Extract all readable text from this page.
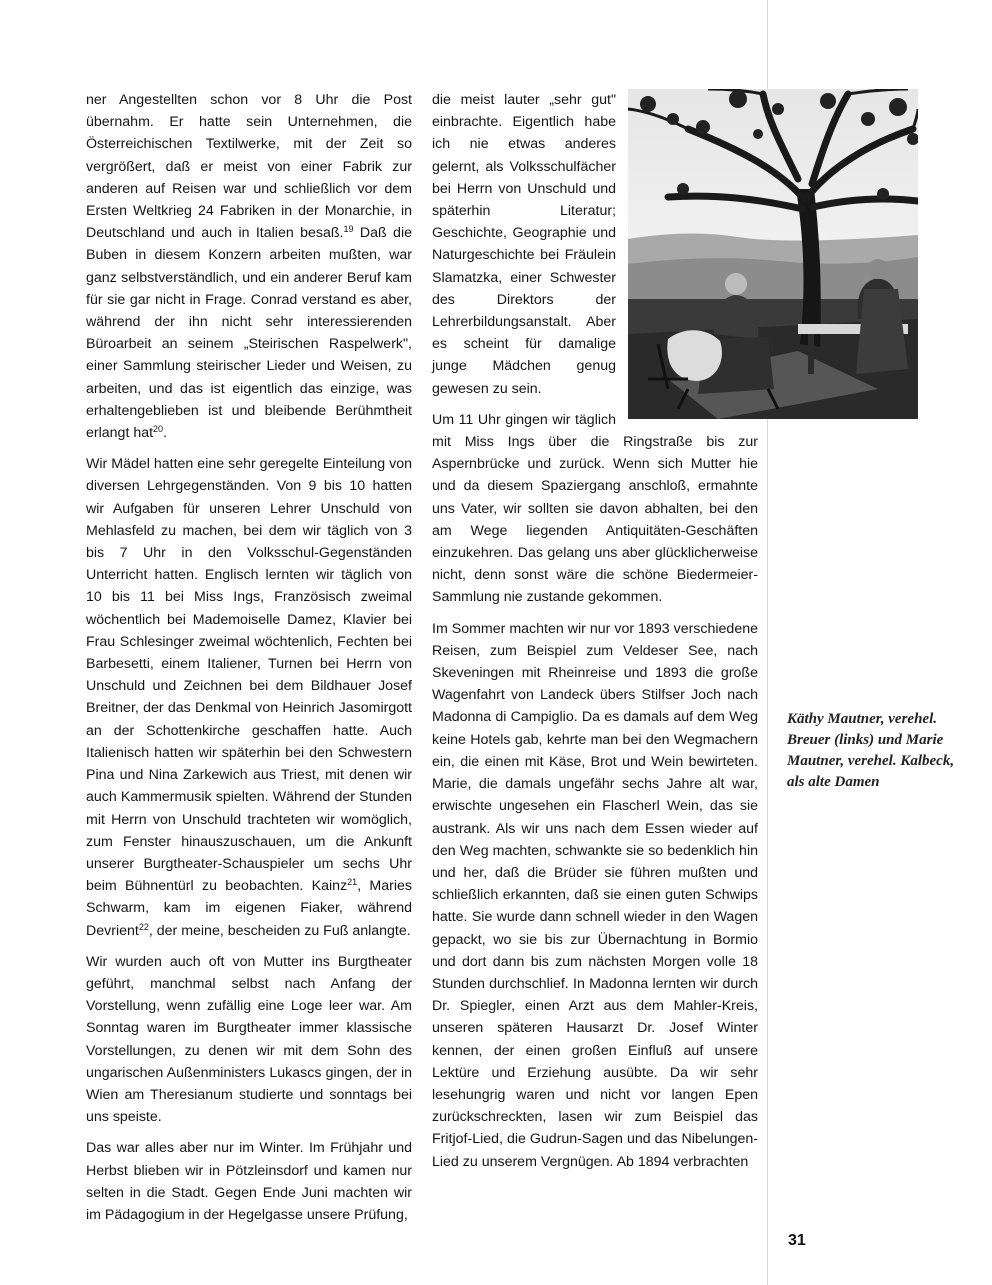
ner Angestellten schon vor 8 Uhr die Post übernahm. Er hatte sein Unternehmen, die Österreichischen Textilwerke, mit der Zeit so vergrößert, daß er meist von einer Fabrik zur anderen auf Reisen war und schließlich vor dem Ersten Weltkrieg 24 Fabriken in der Monarchie, in Deutschland und auch in Italien besaß.$^{19}$ Daß die Buben in diesem Konzern arbeiten mußten, war ganz selbstverständlich, und ein anderer Beruf kam für sie gar nicht in Frage. Conrad verstand es aber, während der ihn nicht sehr interessierenden Büroarbeit an seinem „Steirischen Raspelwerk", einer Sammlung steirischer Lieder und Weisen, zu arbeiten, und das ist eigentlich das einzige, was erhaltengeblieben ist und bleibende Berühmtheit erlangt hat$^{20}$.

Wir Mädel hatten eine sehr geregelte Einteilung von diversen Lehrgegenständen. Von 9 bis 10 hatten wir Aufgaben für unseren Lehrer Unschuld von Mehlasfeld zu machen, bei dem wir täglich von 3 bis 7 Uhr in den Volksschul-Gegenständen Unterricht hatten. Englisch lernten wir täglich von 10 bis 11 bei Miss Ings, Französisch zweimal wöchentlich bei Mademoiselle Damez, Klavier bei Frau Schlesinger zweimal wöchtenlich, Fechten bei Barbesetti, einem Italiener, Turnen bei Herrn von Unschuld und Zeichnen bei dem Bildhauer Josef Breitner, der das Denkmal von Heinrich Jasomirgott an der Schottenkirche geschaffen hatte. Auch Italienisch hatten wir späterhin bei den Schwestern Pina und Nina Zarkewich aus Triest, mit denen wir auch Kammermusik spielten. Während der Stunden mit Herrn von Unschuld trachteten wir womöglich, zum Fenster hinauszuschauen, um die Ankunft unserer Burgtheater-Schauspieler um sechs Uhr beim Bühnentürl zu beobachten. Kainz$^{21}$, Maries Schwarm, kam im eigenen Fiaker, während Devrient$^{22}$, der meine, bescheiden zu Fuß anlangte.

Wir wurden auch oft von Mutter ins Burgtheater geführt, manchmal selbst nach Anfang der Vorstellung, wenn zufällig eine Loge leer war. Am Sonntag waren im Burgtheater immer klassische Vorstellungen, zu denen wir mit dem Sohn des ungarischen Außenministers Lukascs gingen, der in Wien am Theresianum studierte und sonntags bei uns speiste.

Das war alles aber nur im Winter. Im Frühjahr und Herbst blieben wir in Pötzleinsdorf und kamen nur selten in die Stadt. Gegen Ende Juni machten wir im Pädagogium in der Hegelgasse unsere Prüfung,

die meist lauter „sehr gut" einbrachte. Eigentlich habe ich nie etwas anderes gelernt, als Volksschulfächer bei Herrn von Unschuld und späterhin Literatur; Geschichte, Geographie und Naturgeschichte bei Fräulein Slamatzka, einer Schwester des Direktors der Lehrerbildungsanstalt. Aber es scheint für damalige junge Mädchen genug gewesen zu sein.

Um 11 Uhr gingen wir täglich mit Miss Ings über die Ringstraße bis zur Aspernbrücke und zurück. Wenn sich Mutter hie und da diesem Spaziergang anschloß, ermahnte uns Vater, wir sollten sie davon abhalten, bei den am Wege liegenden Antiquitäten-Geschäften einzukehren. Das gelang uns aber glücklicherweise nicht, denn sonst wäre die schöne Biedermeier-Sammlung nie zustande gekommen.

Im Sommer machten wir nur vor 1893 verschiedene Reisen, zum Beispiel zum Veldeser See, nach Skeveningen mit Rheinreise und 1893 die große Wagenfahrt von Landeck übers Stilfser Joch nach Madonna di Campiglio. Da es damals auf dem Weg keine Hotels gab, kehrte man bei den Wegmachern ein, die einen mit Käse, Brot und Wein bewirteten. Marie, die damals ungefähr sechs Jahre alt war, erwischte ungesehen ein Flascherl Wein, das sie austrank. Als wir uns nach dem Essen wieder auf den Weg machten, schwankte sie so bedenklich hin und her, daß die Brüder sie führen mußten und schließlich erkannten, daß sie einen guten Schwips hatte. Sie wurde dann schnell wieder in den Wagen gepackt, wo sie bis zur Übernachtung in Bormio und dort dann bis zum nächsten Morgen volle 18 Stunden durchschlief. In Madonna lernten wir durch Dr. Spiegler, einen Arzt aus dem Mahler-Kreis, unseren späteren Hausarzt Dr. Josef Winter kennen, der einen großen Einfluß auf unsere Lektüre und Erziehung ausübte. Da wir sehr lesehungrig waren und nicht vor langen Epen zurückschreckten, lasen wir zum Beispiel das Fritjof-Lied, die Gudrun-Sagen und das Nibelungen-Lied zu unserem Vergnügen. Ab 1894 verbrachten

Käthy Mautner, verehel. Breuer (links) und Marie Mautner, verehel. Kalbeck, als alte Damen
31
